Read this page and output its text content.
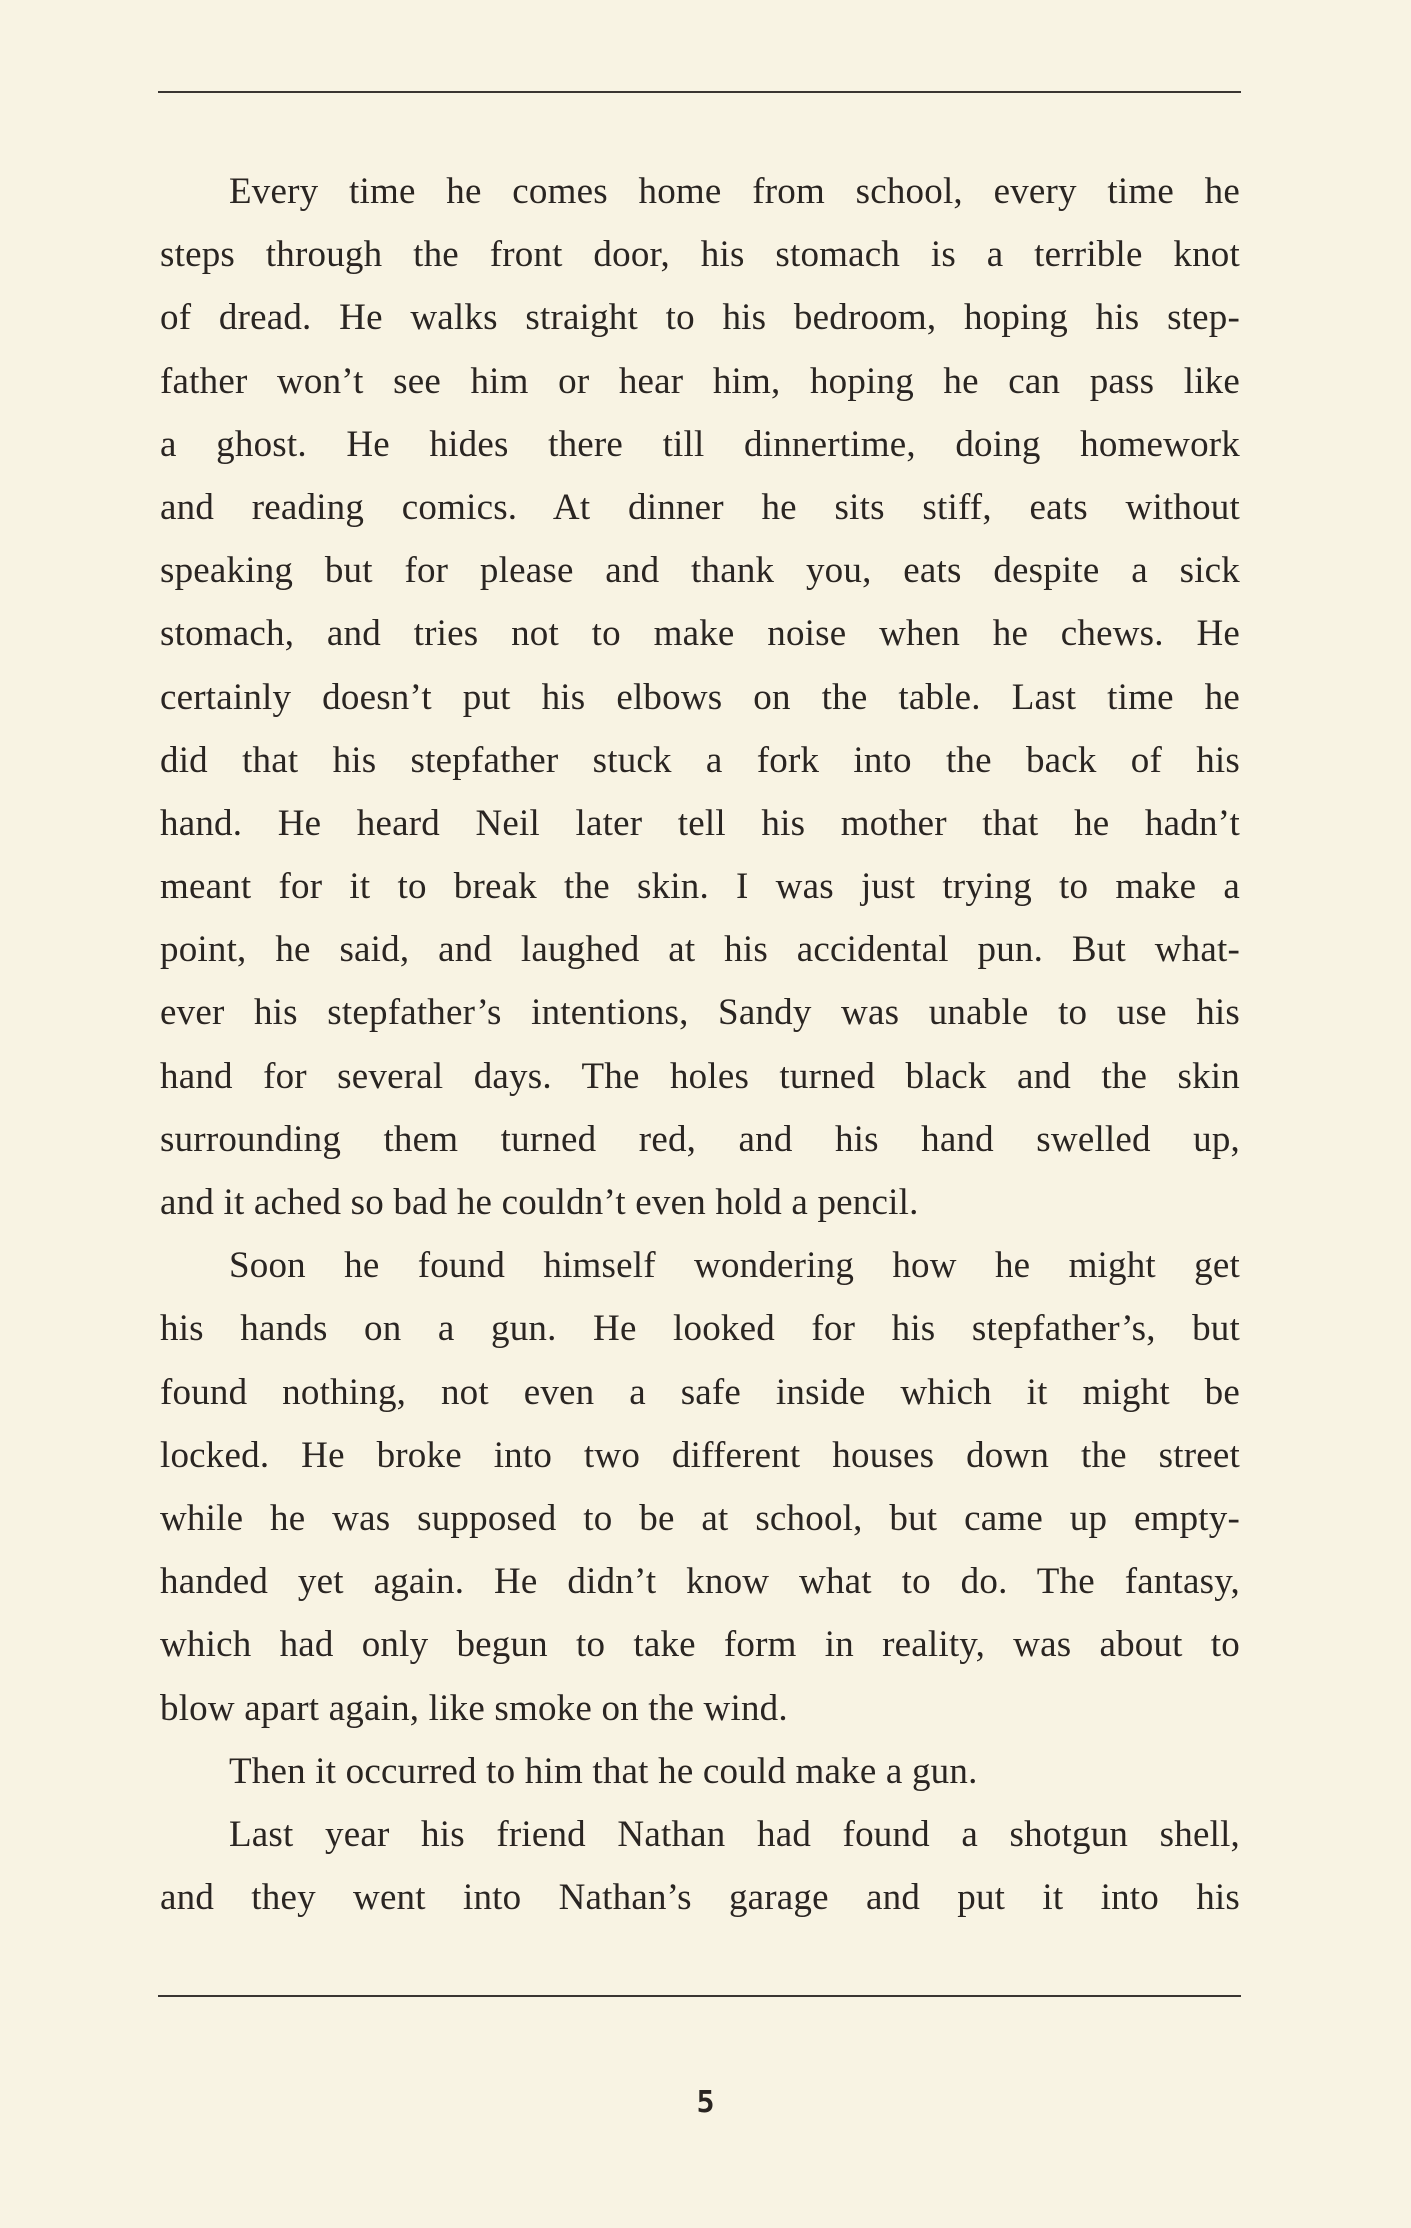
Every time he comes home from school, every time he
steps through the front door, his stomach is a terrible knot
of dread. He walks straight to his bedroom, hoping his step-
father won’t see him or hear him, hoping he can pass like
a ghost. He hides there till dinnertime, doing homework
and reading comics. At dinner he sits stiff, eats without
speaking but for please and thank you, eats despite a sick
stomach, and tries not to make noise when he chews. He
certainly doesn’t put his elbows on the table. Last time he
did that his stepfather stuck a fork into the back of his
hand. He heard Neil later tell his mother that he hadn’t
meant for it to break the skin. I was just trying to make a
point, he said, and laughed at his accidental pun. But what-
ever his stepfather’s intentions, Sandy was unable to use his
hand for several days. The holes turned black and the skin
surrounding them turned red, and his hand swelled up,
and it ached so bad he couldn’t even hold a pencil.
Soon he found himself wondering how he might get
his hands on a gun. He looked for his stepfather’s, but
found nothing, not even a safe inside which it might be
locked. He broke into two different houses down the street
while he was supposed to be at school, but came up empty-
handed yet again. He didn’t know what to do. The fantasy,
which had only begun to take form in reality, was about to
blow apart again, like smoke on the wind.
Then it occurred to him that he could make a gun.
Last year his friend Nathan had found a shotgun shell,
and they went into Nathan’s garage and put it into his
5
